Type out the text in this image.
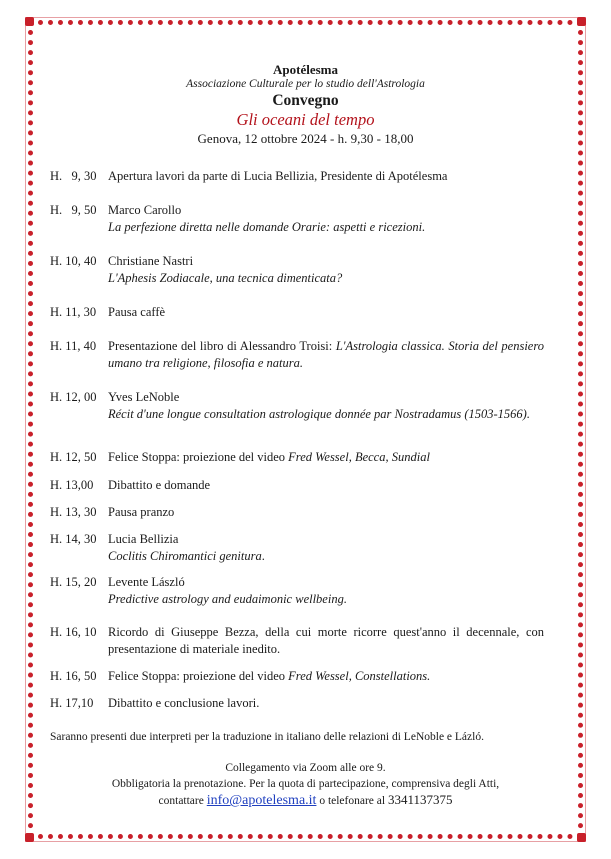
Apotélesma
Associazione Culturale per lo studio dell'Astrologia
Convegno
Gli oceani del tempo
Genova, 12 ottobre 2024 - h. 9,30 - 18,00
H.   9, 30 Apertura lavori da parte di Lucia Bellizia, Presidente di Apotélesma
H.   9, 50 Marco Carollo
La perfezione diretta nelle domande Orarie: aspetti e ricezioni.
H. 10, 40 Christiane Nastri
L'Aphesis Zodiacale, una tecnica dimenticata?
H. 11, 30 Pausa caffè
H. 11, 40 Presentazione del libro di Alessandro Troisi: L'Astrologia classica. Storia del pensiero umano tra religione, filosofia e natura.
H. 12, 00 Yves LeNoble
Récit d'une longue consultation astrologique donnée par Nostradamus (1503-1566).
H. 12, 50 Felice Stoppa: proiezione del video Fred Wessel, Becca, Sundial
H. 13,00 Dibattito e domande
H. 13, 30 Pausa pranzo
H. 14, 30 Lucia Bellizia
Coclitis Chiromantici genitura.
H. 15, 20 Levente László
Predictive astrology and eudaimonic wellbeing.
H. 16, 10 Ricordo di Giuseppe Bezza, della cui morte ricorre quest'anno il decennale, con presentazione di materiale inedito.
H. 16, 50 Felice Stoppa: proiezione del video Fred Wessel, Constellations.
H. 17,10 Dibattito e conclusione lavori.
Saranno presenti due interpreti per la traduzione in italiano delle relazioni di LeNoble e Lázló.
Collegamento via Zoom alle ore 9.
Obbligatoria la prenotazione. Per la quota di partecipazione, comprensiva degli Atti,
contattare info@apotelesma.it o telefonare al 3341137375
